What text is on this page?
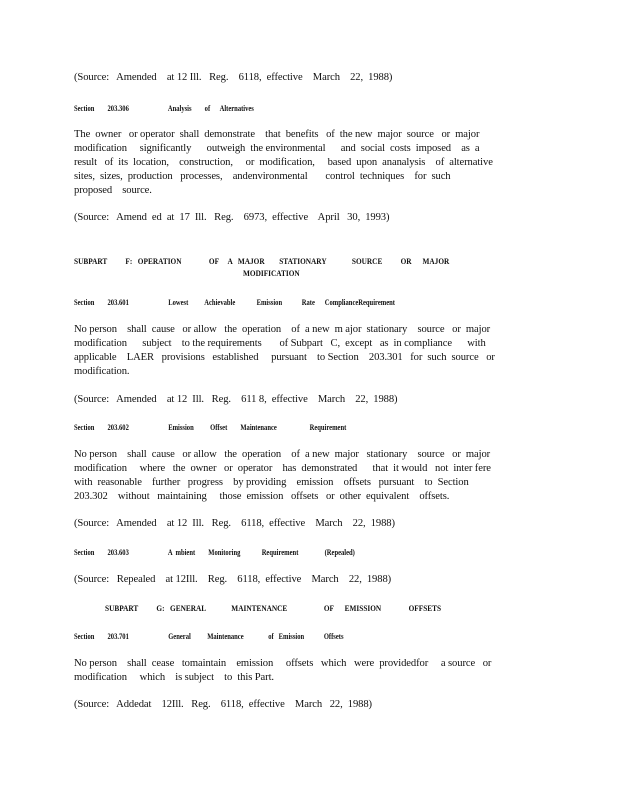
(Source:   Amended    at 12 Ill.   Reg.    6118,  effective    March    22,  1988)
Section        203.306                        Analysis        of      Alternatives
The  owner   or operator  shall  demonstrate    that  benefits   of  the new  major  source   or  major
modification     significantly      outweigh  the environmental      and  social  costs  imposed    as  a
result   of  its  location,    construction,     or  modification,     based  upon  ananalysis    of  alternative
sites,  sizes,  production   processes,    andenvironmental       control  techniques    for  such
proposed    source.
(Source:   Amend  ed  at  17  Ill.   Reg.    6973,  effective    April   30,  1993)
SUBPART          F:   OPERATION               OF     A   MAJOR        STATIONARY              SOURCE          OR      MAJOR
MODIFICATION
Section        203.601                        Lowest          Achievable             Emission            Rate      ComplianceRequirement
No person    shall  cause   or allow   the  operation    of  a new  m ajor  stationary    source   or  major
modification      subject    to the requirements       of Subpart   C,  except   as  in compliance      with
applicable    LAER   provisions   established     pursuant    to Section    203.301   for  such  source   or
modification.
(Source:   Amended    at 12  Ill.   Reg.    611 8,  effective    March    22,  1988)
Section        203.602                        Emission          Offset        Maintenance                    Requirement
No person    shall  cause   or allow   the  operation    of  a new  major   stationary    source   or  major
modification     where   the  owner   or  operator    has  demonstrated      that  it would   not  inter fere
with  reasonable    further   progress    by providing    emission    offsets   pursuant    to  Section
203.302    without   maintaining     those  emission   offsets   or  other  equivalent    offsets.
(Source:   Amended    at 12  Ill.   Reg.    6118,  effective    March    22,  1988)
Section        203.603                        A  mbient        Monitoring             Requirement                (Repealed)
(Source:   Repealed    at 12Ill.    Reg.    6118,  effective    March    22,  1988)
SUBPART          G:   GENERAL              MAINTENANCE                    OF      EMISSION               OFFSETS
Section        203.701                        General          Maintenance               of   Emission            Offsets
No person    shall  cease   tomaintain    emission     offsets   which   were  providedfor     a source   or
modification     which    is subject    to  this Part.
(Source:   Addedat    12Ill.   Reg.    6118,  effective    March   22,  1988)
